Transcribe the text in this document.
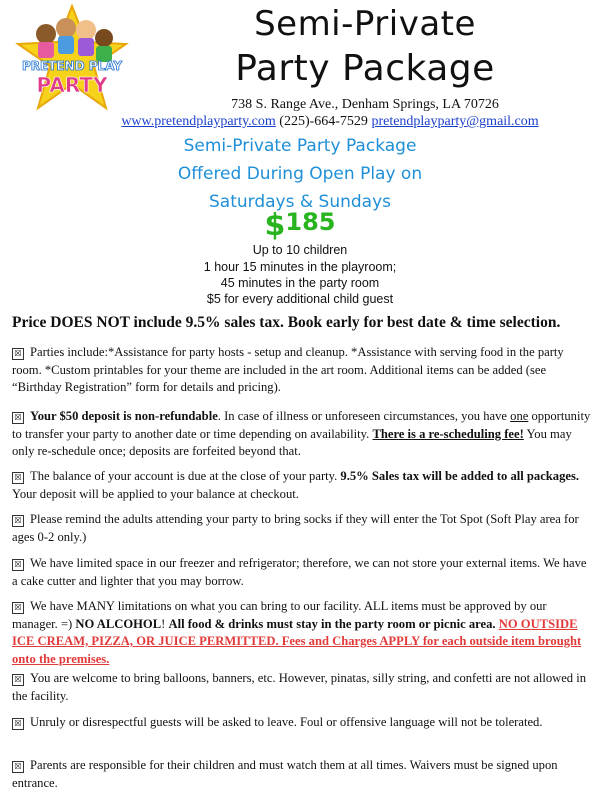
PRETEND PLAY
PARTY
Semi-Private
Party Package
738 S. Range Ave., Denham Springs, LA 70726
www.pretendplayparty.com (225)-664-7529 pretendplayparty@gmail.com
Semi-Private Party Package
Offered During Open Play on
Saturdays & Sundays
$185
Up to 10 children
1 hour 15 minutes in the playroom;
45 minutes in the party room
$5 for every additional child guest
Price DOES NOT include 9.5% sales tax. Book early for best date & time selection.
☒ Parties include:*Assistance for party hosts - setup and cleanup. *Assistance with serving food in the party room. *Custom printables for your theme are included in the art room. Additional items can be added (see “Birthday Registration” form for details and pricing).
☒ Your $50 deposit is non-refundable. In case of illness or unforeseen circumstances, you have one opportunity to transfer your party to another date or time depending on availability. There is a re-scheduling fee! You may only re-schedule once; deposits are forfeited beyond that.
☒ The balance of your account is due at the close of your party. 9.5% Sales tax will be added to all packages. Your deposit will be applied to your balance at checkout.
☒ Please remind the adults attending your party to bring socks if they will enter the Tot Spot (Soft Play area for ages 0-2 only.)
☒ We have limited space in our freezer and refrigerator; therefore, we can not store your external items. We have a cake cutter and lighter that you may borrow.
☒ We have MANY limitations on what you can bring to our facility. ALL items must be approved by our manager. =) NO ALCOHOL! All food & drinks must stay in the party room or picnic area. NO OUTSIDE ICE CREAM, PIZZA, OR JUICE PERMITTED. Fees and Charges APPLY for each outside item brought onto the premises.
☒ You are welcome to bring balloons, banners, etc. However, pinatas, silly string, and confetti are not allowed in the facility.
☒ Unruly or disrespectful guests will be asked to leave. Foul or offensive language will not be tolerated.
☒ Parents are responsible for their children and must watch them at all times. Waivers must be signed upon entrance.
